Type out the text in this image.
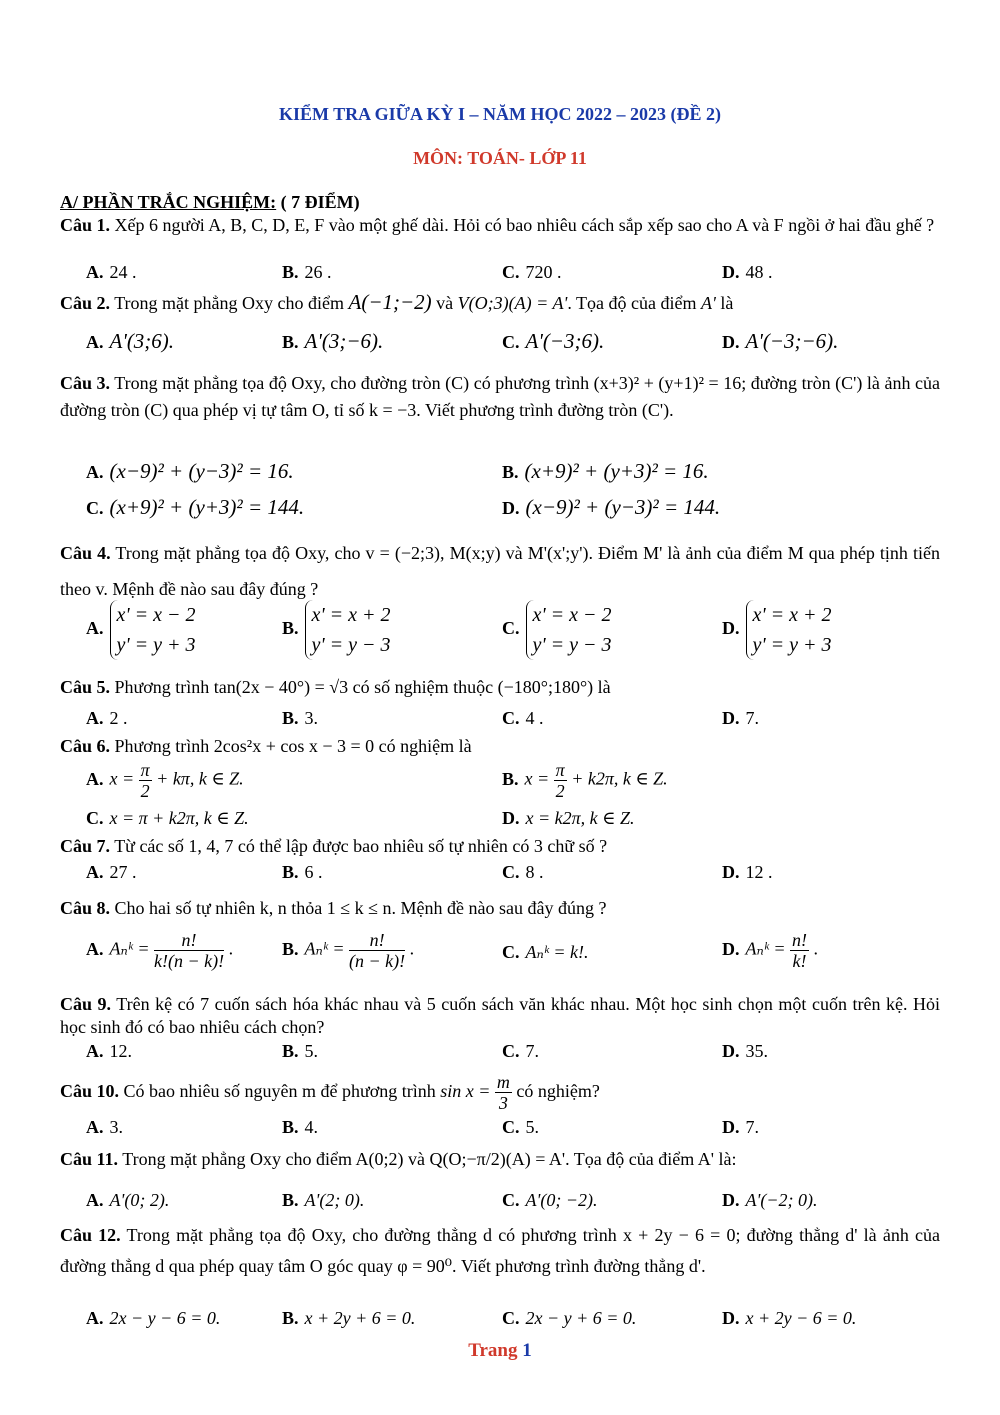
KIỂM TRA GIỮA KỲ I – NĂM HỌC 2022 – 2023 (ĐỀ 2)
MÔN: TOÁN- LỚP 11
A/ PHẦN TRẮC NGHIỆM: ( 7 ĐIỂM)
Câu 1. Xếp 6 người A, B, C, D, E, F vào một ghế dài. Hỏi có bao nhiêu cách sắp xếp sao cho A và F ngồi ở hai đầu ghế ?
A. 24 .	B. 26 .	C. 720 .	D. 48 .
Câu 2. Trong mặt phẳng Oxy cho điểm A(−1;−2) và V(O;3)(A) = A'. Tọa độ của điểm A' là
A. A'(3;6).	B. A'(3;−6).	C. A'(−3;6).	D. A'(−3;−6).
Câu 3. Trong mặt phẳng tọa độ Oxy, cho đường tròn (C) có phương trình (x+3)² + (y+1)² = 16; đường tròn (C') là ảnh của đường tròn (C) qua phép vị tự tâm O, tỉ số k = −3. Viết phương trình đường tròn (C').
A. (x−9)² + (y−3)² = 16.	B. (x+9)² + (y+3)² = 16.
C. (x+9)² + (y+3)² = 144.	D. (x−9)² + (y−3)² = 144.
Câu 4. Trong mặt phẳng tọa độ Oxy, cho v = (−2;3), M(x;y) và M'(x';y'). Điểm M' là ảnh của điểm M qua phép tịnh tiến theo v. Mệnh đề nào sau đây đúng ?
A.x' = x − 2
y' = y + 3
B.x' = x + 2
y' = y − 3
C.x' = x − 2
y' = y − 3
D.x' = x + 2
y' = y + 3
Câu 5. Phương trình tan(2x − 40°) = √3 có số nghiệm thuộc (−180°;180°) là
A. 2 .	B. 3.	C. 4 .	D. 7.
Câu 6. Phương trình 2cos²x + cos x − 3 = 0 có nghiệm là
A. $x = \frac{\pi}{2} + k\pi$, k ∈ Z.	B. $x = \frac{\pi}{2} + k2\pi$, k ∈ Z.
C. x = π + k2π, k ∈ Z.	D. x = k2π, k ∈ Z.
Câu 7. Từ các số 1, 4, 7 có thể lập được bao nhiêu số tự nhiên có 3 chữ số ?
A. 27 .	B. 6 .	C. 8 .	D. 12 .
Câu 8. Cho hai số tự nhiên k, n thỏa 1 ≤ k ≤ n. Mệnh đề nào sau đây đúng ?
A. Aₙᵏ = $\frac{n!}{k!(n - k)!}$ .	B. Aₙᵏ = $\frac{n!}{(n - k)!}$ .	C. Aₙᵏ = k!.	D. Aₙᵏ = $\frac{n!}{k!}$ .
Câu 9. Trên kệ có 7 cuốn sách hóa khác nhau và 5 cuốn sách văn khác nhau. Một học sinh chọn một cuốn trên kệ. Hỏi học sinh đó có bao nhiêu cách chọn?
A. 12.	B. 5.	C. 7.	D. 35.
Câu 10. Có bao nhiêu số nguyên m để phương trình $\sin x = \frac{m}{3}$ có nghiệm?
A. 3.	B. 4.	C. 5.	D. 7.
Câu 11. Trong mặt phẳng Oxy cho điểm A(0;2) và Q(O;−π/2)(A) = A'. Tọa độ của điểm A' là:
A. A'(0; 2).	B. A'(2; 0).	C. A'(0; −2).	D. A'(−2; 0).
Câu 12. Trong mặt phẳng tọa độ Oxy, cho đường thẳng d có phương trình x + 2y − 6 = 0; đường thẳng d' là ảnh của đường thẳng d qua phép quay tâm O góc quay φ = 90⁰. Viết phương trình đường thẳng d'.
A. 2x − y − 6 = 0.	B. x + 2y + 6 = 0.	C. 2x − y + 6 = 0.	D. x + 2y − 6 = 0.
Trang 1
